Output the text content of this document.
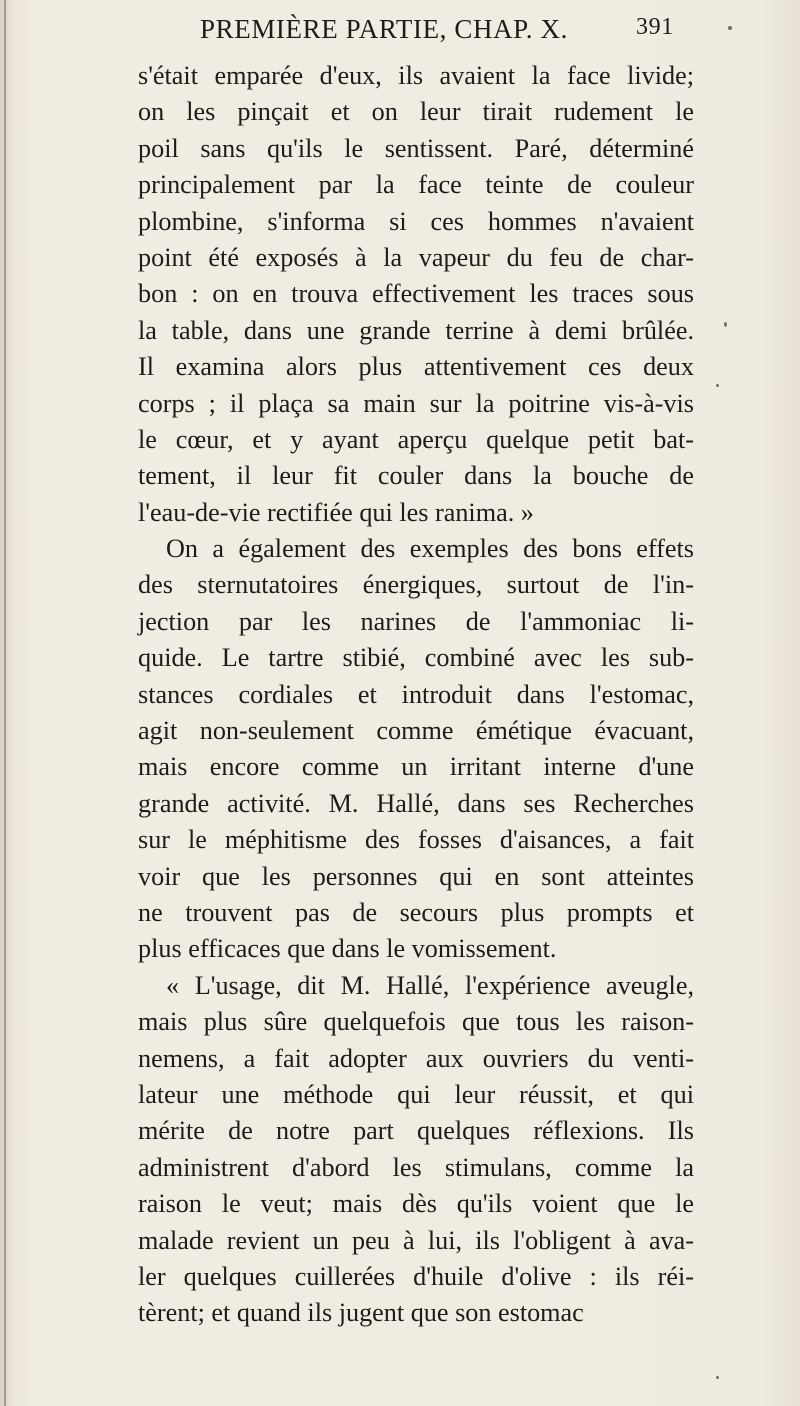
PREMIÈRE PARTIE, CHAP. X.	391
s'était emparée d'eux, ils avaient la face livide;
on les pinçait et on leur tirait rudement le
poil sans qu'ils le sentissent. Paré, déterminé
principalement par la face teinte de couleur
plombine, s'informa si ces hommes n'avaient
point été exposés à la vapeur du feu de char-
bon : on en trouva effectivement les traces sous
la table, dans une grande terrine à demi brûlée.
Il examina alors plus attentivement ces deux
corps ; il plaça sa main sur la poitrine vis-à-vis
le cœur, et y ayant aperçu quelque petit bat-
tement, il leur fit couler dans la bouche de
l'eau-de-vie rectifiée qui les ranima. »
On a également des exemples des bons effets
des sternutatoires énergiques, surtout de l'in-
jection par les narines de l'ammoniac li-
quide. Le tartre stibié, combiné avec les sub-
stances cordiales et introduit dans l'estomac,
agit non-seulement comme émétique évacuant,
mais encore comme un irritant interne d'une
grande activité. M. Hallé, dans ses Recherches
sur le méphitisme des fosses d'aisances, a fait
voir que les personnes qui en sont atteintes
ne trouvent pas de secours plus prompts et
plus efficaces que dans le vomissement.
« L'usage, dit M. Hallé, l'expérience aveugle,
mais plus sûre quelquefois que tous les raison-
nemens, a fait adopter aux ouvriers du venti-
lateur une méthode qui leur réussit, et qui
mérite de notre part quelques réflexions. Ils
administrent d'abord les stimulans, comme la
raison le veut; mais dès qu'ils voient que le
malade revient un peu à lui, ils l'obligent à ava-
ler quelques cuillerées d'huile d'olive : ils réi-
tèrent; et quand ils jugent que son estomac
